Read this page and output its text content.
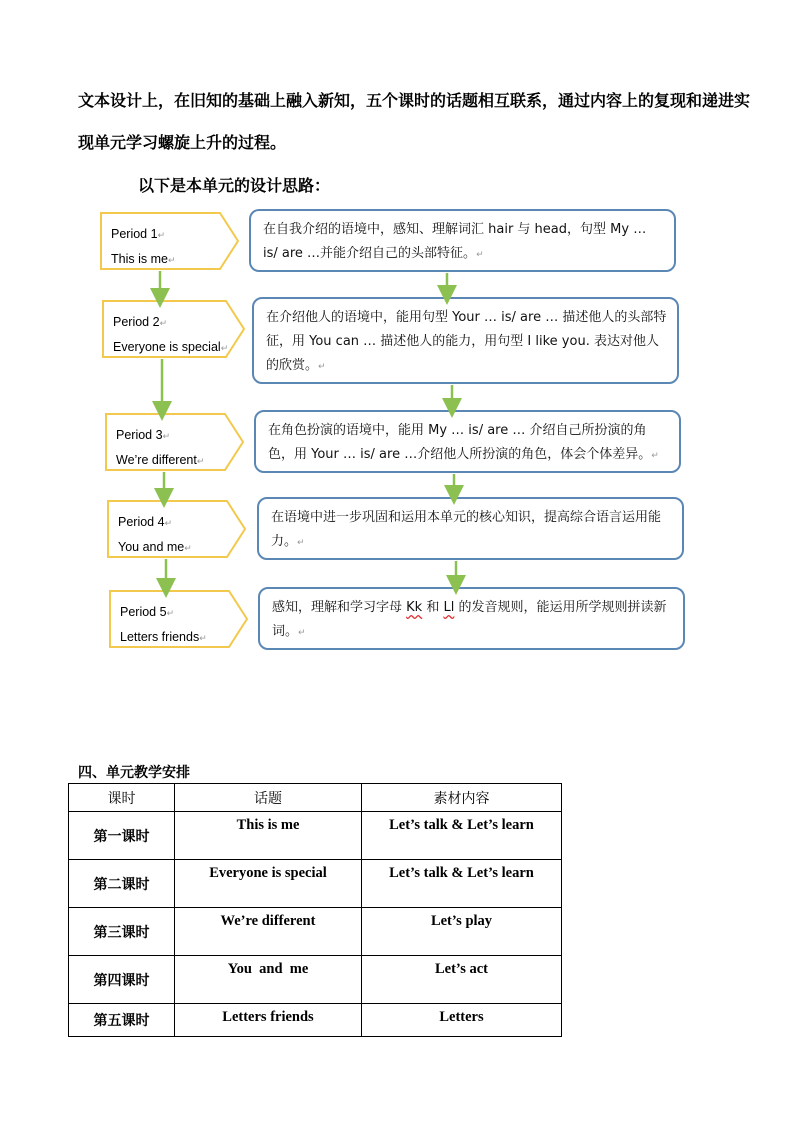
文本设计上，在旧知的基础上融入新知，五个课时的话题相互联系，通过内容上的复现和递进实
现单元学习螺旋上升的过程。
以下是本单元的设计思路：
Period 1↵
This is me↵
在自我介绍的语境中，感知、理解词汇 hair 与 head，句型 My … is/ are …并能介绍自己的头部特征。↵
Period 2↵
Everyone is special↵
在介绍他人的语境中，能用句型 Your … is/ are … 描述他人的头部特征，用 You can … 描述他人的能力，用句型 I like you. 表达对他人的欣赏。↵
Period 3↵
We’re different↵
在角色扮演的语境中，能用 My … is/ are … 介绍自己所扮演的角色，用 Your … is/ are …介绍他人所扮演的角色，体会个体差异。↵
Period 4↵
You and me↵
在语境中进一步巩固和运用本单元的核心知识，提高综合语言运用能力。↵
Period 5↵
Letters friends↵
感知，理解和学习字母 Kk 和 Ll 的发音规则，能运用所学规则拼读新词。↵
四、单元教学安排
课时	话题	素材内容
第一课时	This is me	Let’s talk & Let’s learn
第二课时	Everyone is special	Let’s talk & Let’s learn
第三课时	We’re different	Let’s play
第四课时	You  and  me	Let’s act
第五课时	Letters friends	Letters
